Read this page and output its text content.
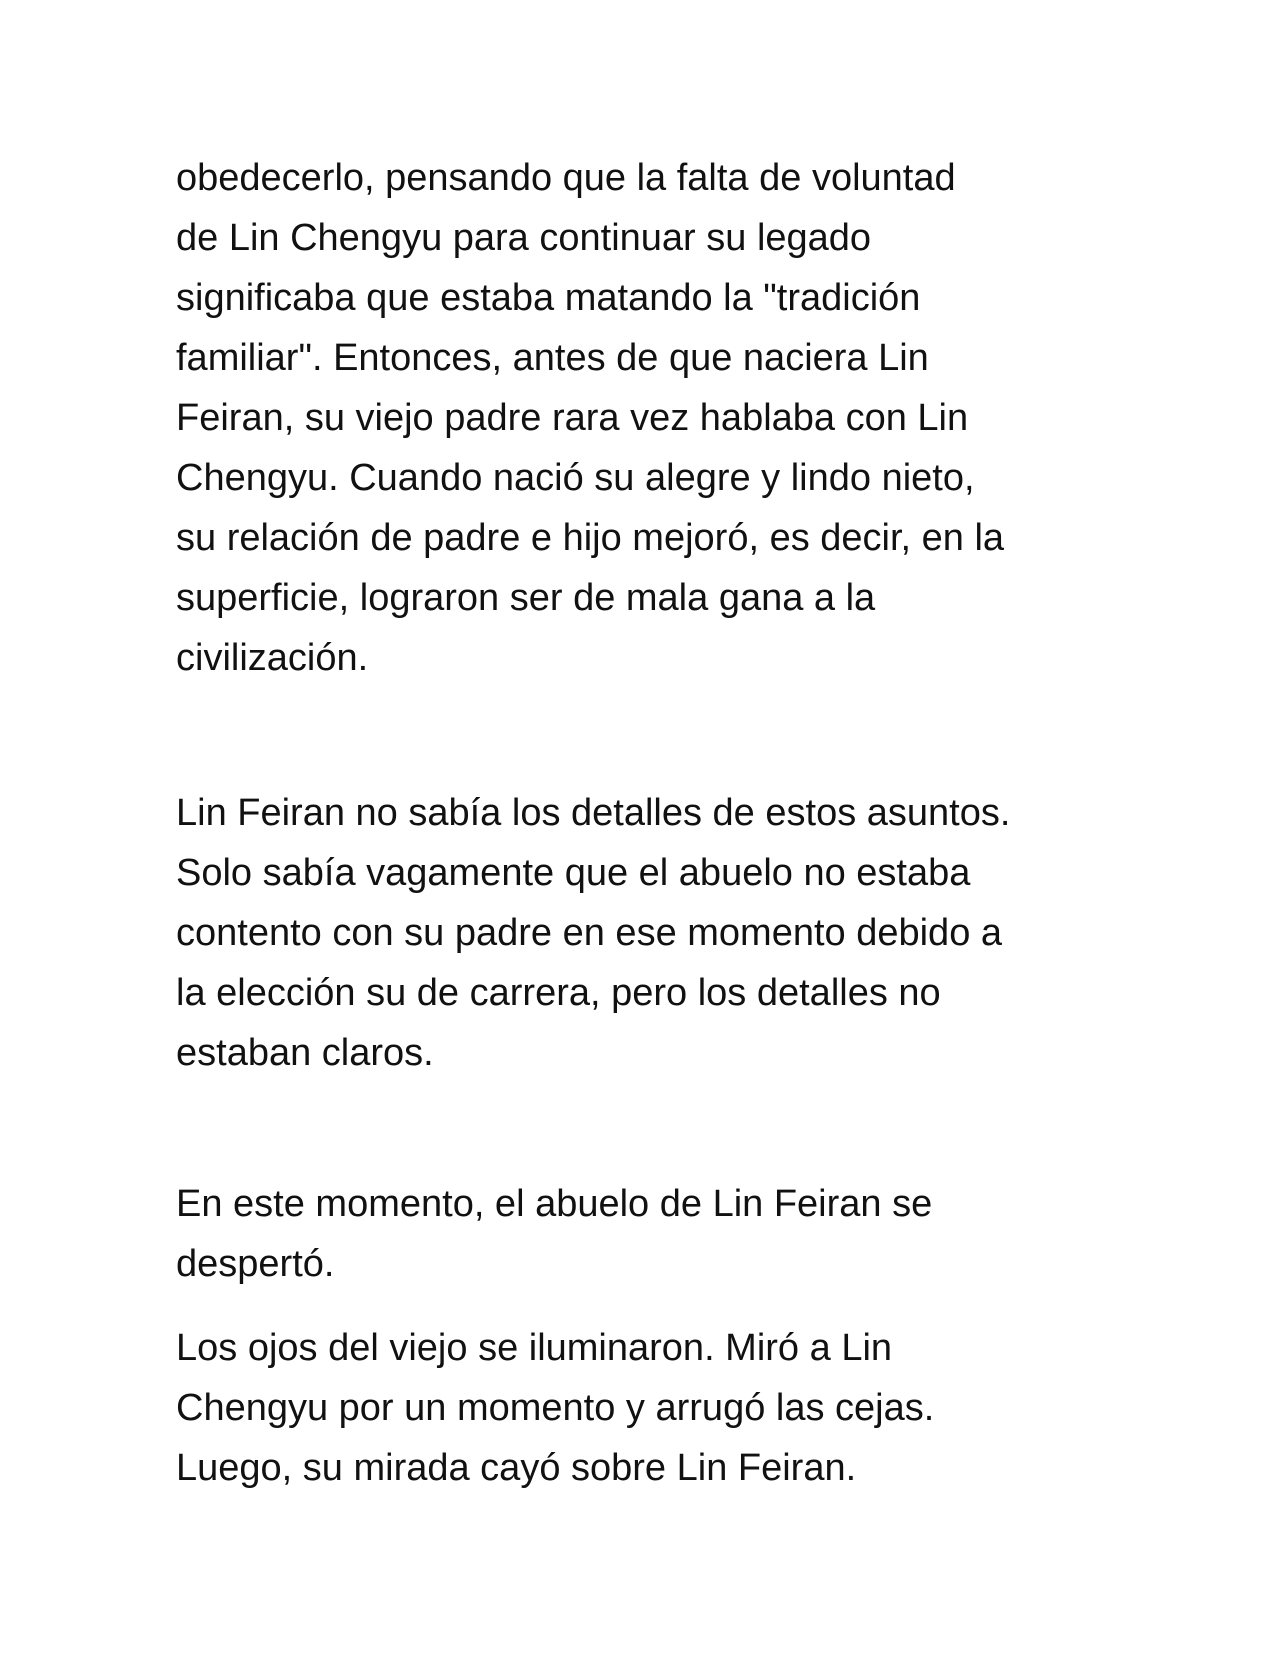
obedecerlo, pensando que la falta de voluntad
de Lin Chengyu para continuar su legado
significaba que estaba matando la "tradición
familiar". Entonces, antes de que naciera Lin
Feiran, su viejo padre rara vez hablaba con Lin
Chengyu. Cuando nació su alegre y lindo nieto,
su relación de padre e hijo mejoró, es decir, en la
superficie, lograron ser de mala gana a la
civilización.

Lin Feiran no sabía los detalles de estos asuntos.
Solo sabía vagamente que el abuelo no estaba
contento con su padre en ese momento debido a
la elección su de carrera, pero los detalles no
estaban claros.

En este momento, el abuelo de Lin Feiran se
despertó.

Los ojos del viejo se iluminaron. Miró a Lin
Chengyu por un momento y arrugó las cejas.
Luego, su mirada cayó sobre Lin Feiran.
